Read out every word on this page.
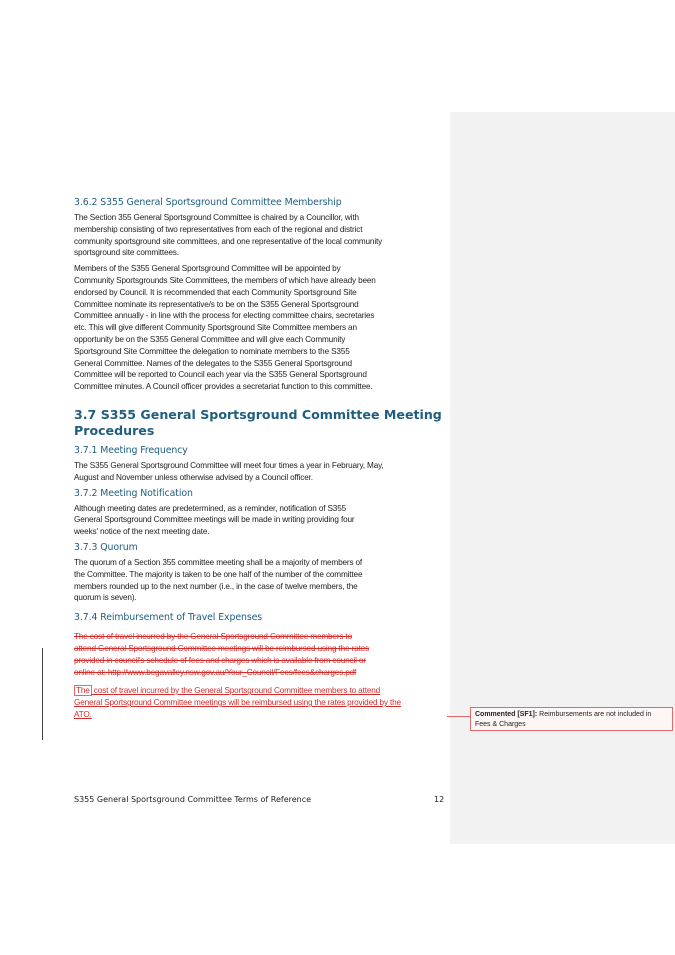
3.6.2 S355 General Sportsground Committee Membership
The Section 355 General Sportsground Committee is chaired by a Councillor, with
membership consisting of two representatives from each of the regional and district
community sportsground site committees, and one representative of the local community
sportsground site committees.
Members of the S355 General Sportsground Committee will be appointed by
Community Sportsgrounds Site Committees, the members of which have already been
endorsed by Council. It is recommended that each Community Sportsground Site
Committee nominate its representative/s to be on the S355 General Sportsground
Committee annually - in line with the process for electing committee chairs, secretaries
etc. This will give different Community Sportsground Site Committee members an
opportunity be on the S355 General Committee and will give each Community
Sportsground Site Committee the delegation to nominate members to the S355
General Committee. Names of the delegates to the S355 General Sportsground
Committee will be reported to Council each year via the S355 General Sportsground
Committee minutes. A Council officer provides a secretariat function to this committee.
3.7 S355 General Sportsground Committee Meeting
Procedures
3.7.1 Meeting Frequency
The S355 General Sportsground Committee will meet four times a year in February, May,
August and November unless otherwise advised by a Council officer.
3.7.2 Meeting Notification
Although meeting dates are predetermined, as a reminder, notification of S355
General Sportsground Committee meetings will be made in writing providing four
weeks' notice of the next meeting date.
3.7.3 Quorum
The quorum of a Section 355 committee meeting shall be a majority of members of
the Committee. The majority is taken to be one half of the number of the committee
members rounded up to the next number (i.e., in the case of twelve members, the
quorum is seven).
3.7.4 Reimbursement of Travel Expenses
The cost of travel incurred by the General Sportsground Committee members to
attend General Sportsground Committee meetings will be reimbursed using the rates
provided in council's schedule of fees and charges which is available from council or
online at: http://www.begavalley.nsw.gov.au/Your_Council/Fees/fees&charges.pdf
The cost of travel incurred by the General Sportsground Committee members to attend
General Sportsground Committee meetings will be reimbursed using the rates provided by the
ATO.	Commented [SF1]: Reimbursements are not included in
Fees & Charges
S355 General Sportsground Committee Terms of Reference	12
